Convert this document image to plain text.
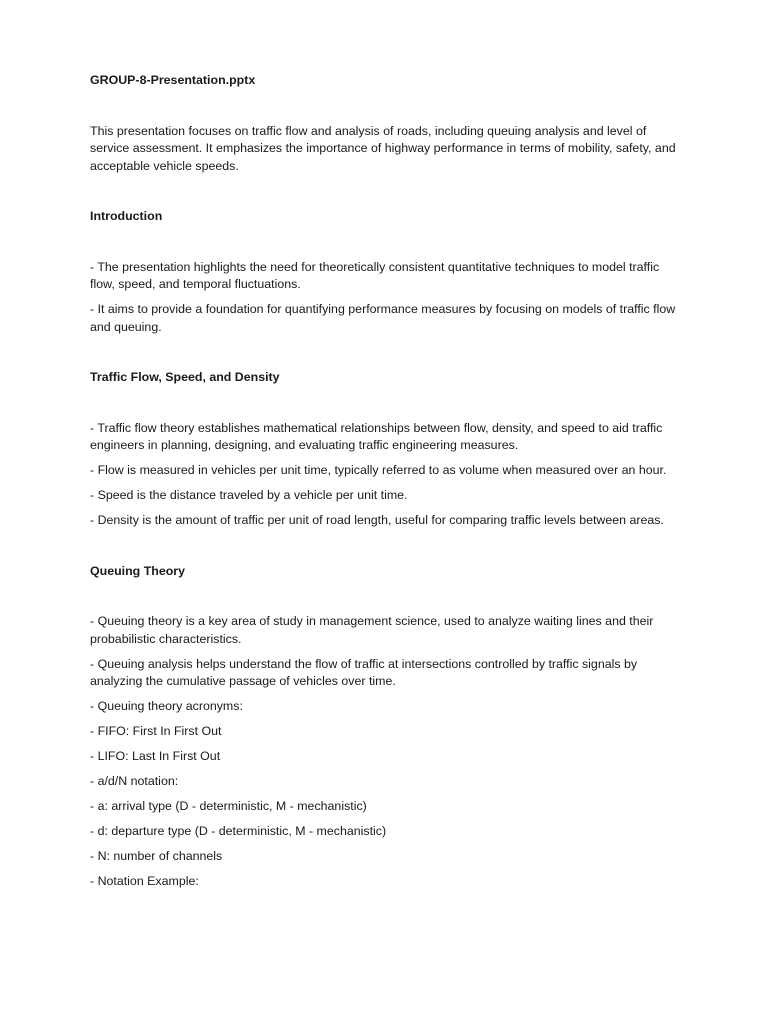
GROUP-8-Presentation.pptx

This presentation focuses on traffic flow and analysis of roads, including queuing analysis and level of service assessment. It emphasizes the importance of highway performance in terms of mobility, safety, and acceptable vehicle speeds.

Introduction

- The presentation highlights the need for theoretically consistent quantitative techniques to model traffic flow, speed, and temporal fluctuations.

- It aims to provide a foundation for quantifying performance measures by focusing on models of traffic flow and queuing.

Traffic Flow, Speed, and Density

- Traffic flow theory establishes mathematical relationships between flow, density, and speed to aid traffic engineers in planning, designing, and evaluating traffic engineering measures.

- Flow is measured in vehicles per unit time, typically referred to as volume when measured over an hour.

- Speed is the distance traveled by a vehicle per unit time.

- Density is the amount of traffic per unit of road length, useful for comparing traffic levels between areas.

Queuing Theory

- Queuing theory is a key area of study in management science, used to analyze waiting lines and their probabilistic characteristics.

- Queuing analysis helps understand the flow of traffic at intersections controlled by traffic signals by analyzing the cumulative passage of vehicles over time.

- Queuing theory acronyms:

- FIFO: First In First Out

- LIFO: Last In First Out

- a/d/N notation:

- a: arrival type (D - deterministic, M - mechanistic)

- d: departure type (D - deterministic, M - mechanistic)

- N: number of channels

- Notation Example:
